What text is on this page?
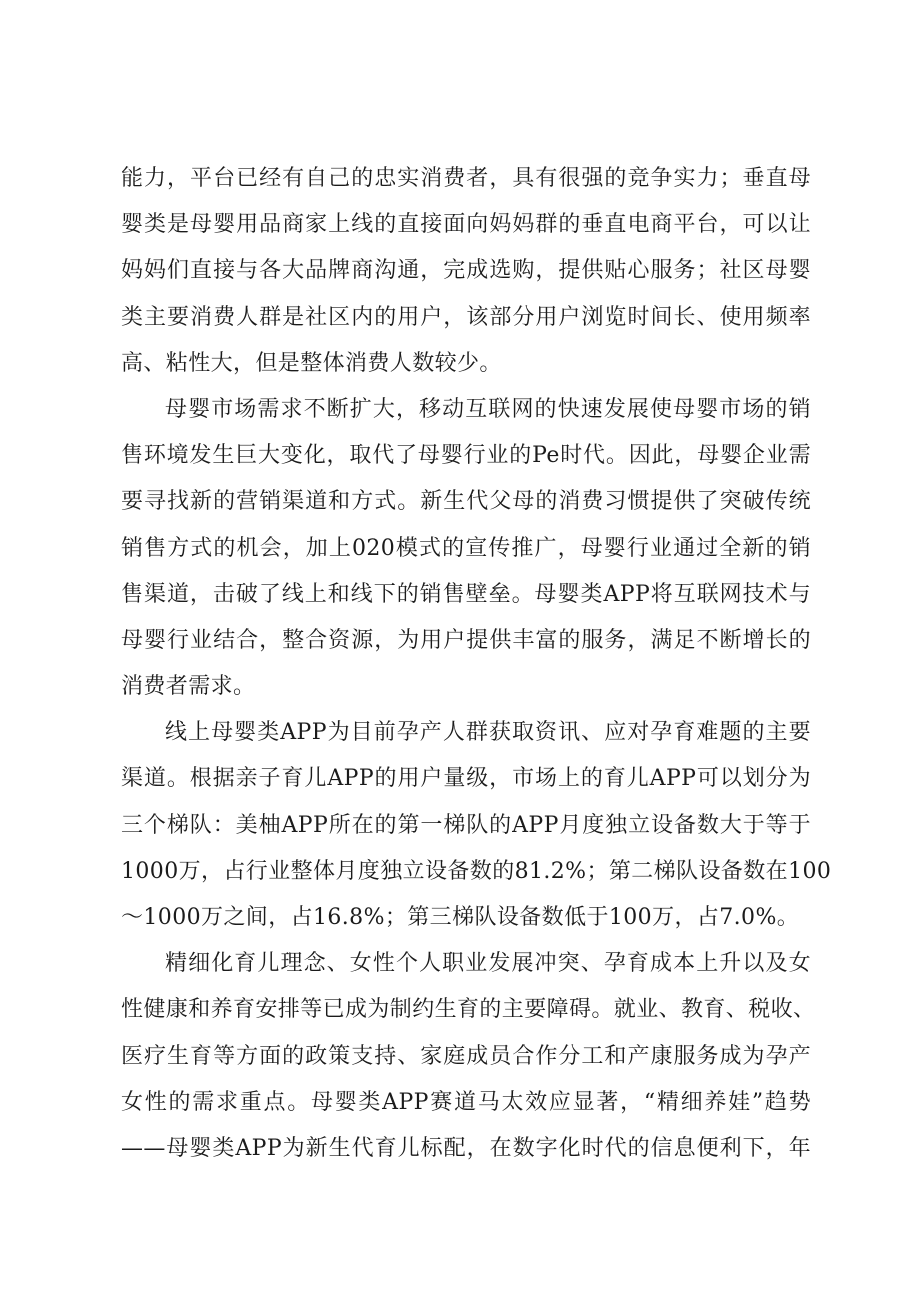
能力，平台已经有自己的忠实消费者，具有很强的竞争实力；垂直母
婴类是母婴用品商家上线的直接面向妈妈群的垂直电商平台，可以让
妈妈们直接与各大品牌商沟通，完成选购，提供贴心服务；社区母婴
类主要消费人群是社区内的用户，该部分用户浏览时间长、使用频率
高、粘性大，但是整体消费人数较少。
母婴市场需求不断扩大，移动互联网的快速发展使母婴市场的销
售环境发生巨大变化，取代了母婴行业的Pe时代。因此，母婴企业需
要寻找新的营销渠道和方式。新生代父母的消费习惯提供了突破传统
销售方式的机会，加上020模式的宣传推广，母婴行业通过全新的销
售渠道，击破了线上和线下的销售壁垒。母婴类APP将互联网技术与
母婴行业结合，整合资源，为用户提供丰富的服务，满足不断增长的
消费者需求。
线上母婴类APP为目前孕产人群获取资讯、应对孕育难题的主要
渠道。根据亲子育儿APP的用户量级，市场上的育儿APP可以划分为
三个梯队：美柚APP所在的第一梯队的APP月度独立设备数大于等于
1000万，占行业整体月度独立设备数的81.2%；第二梯队设备数在100
～1000万之间，占16.8%；第三梯队设备数低于100万，占7.0%。
精细化育儿理念、女性个人职业发展冲突、孕育成本上升以及女
性健康和养育安排等已成为制约生育的主要障碍。就业、教育、税收、
医疗生育等方面的政策支持、家庭成员合作分工和产康服务成为孕产
女性的需求重点。母婴类APP赛道马太效应显著，“精细养娃”趋势
——母婴类APP为新生代育儿标配，在数字化时代的信息便利下，年
